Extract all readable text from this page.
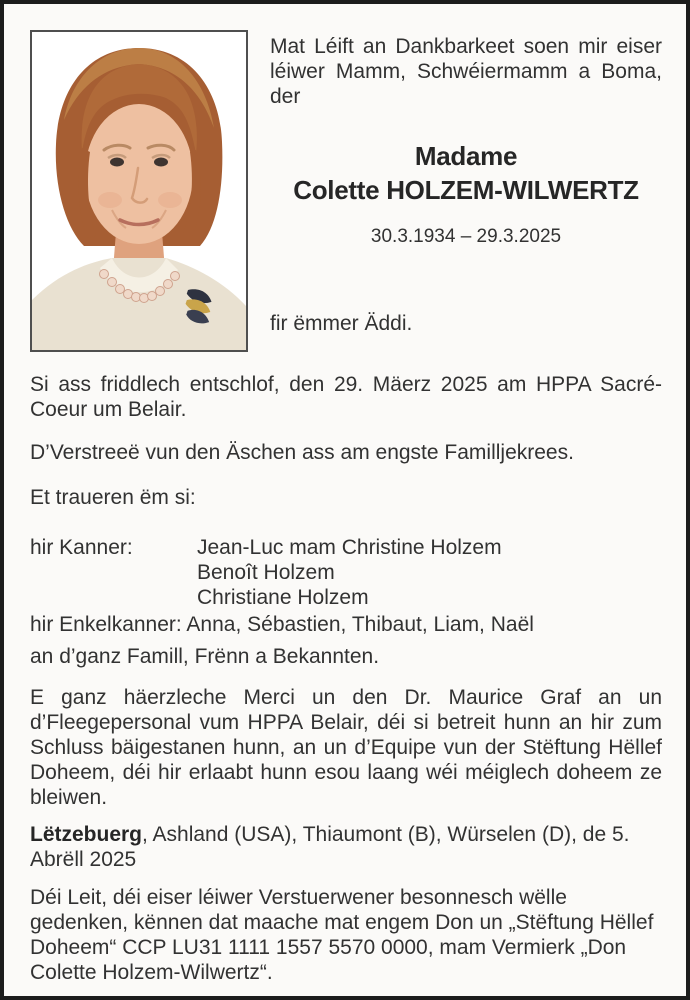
Mat Léift an Dankbarkeet soen mir eiser léiwer Mamm, Schwéiermamm a Boma, der

Madame
Colette HOLZEM-WILWERTZ

30.3.1934 – 29.3.2025

fir ëmmer Äddi.

Si ass friddlech entschlof, den 29. Mäerz 2025 am HPPA Sacré-Coeur um Belair.

D’Verstreeë vun den Äschen ass am engste Familljekrees.

Et traueren ëm si:

hir Kanner:	Jean-Luc mam Christine Holzem

Benoît Holzem

Christiane Holzem

hir Enkelkanner: Anna, Sébastien, Thibaut, Liam, Naël

an d’ganz Famill, Frënn a Bekannten.

E ganz häerzleche Merci un den Dr. Maurice Graf an un d’Fleegepersonal vum HPPA Belair, déi si betreit hunn an hir zum Schluss bäigestanen hunn, an un d’Equipe vun der Stëftung Hëllef Doheem, déi hir erlaabt hunn esou laang wéi méiglech doheem ze bleiwen.

Lëtzebuerg, Ashland (USA), Thiaumont (B), Würselen (D), de 5. Abrëll 2025

Déi Leit, déi eiser léiwer Verstuerwener besonnesch wëlle gedenken, kënnen dat maache mat engem Don un „Stëftung Hëllef Doheem“ CCP LU31 1111 1557 5570 0000, mam Vermierk „Don Colette Holzem-Wilwertz“.
